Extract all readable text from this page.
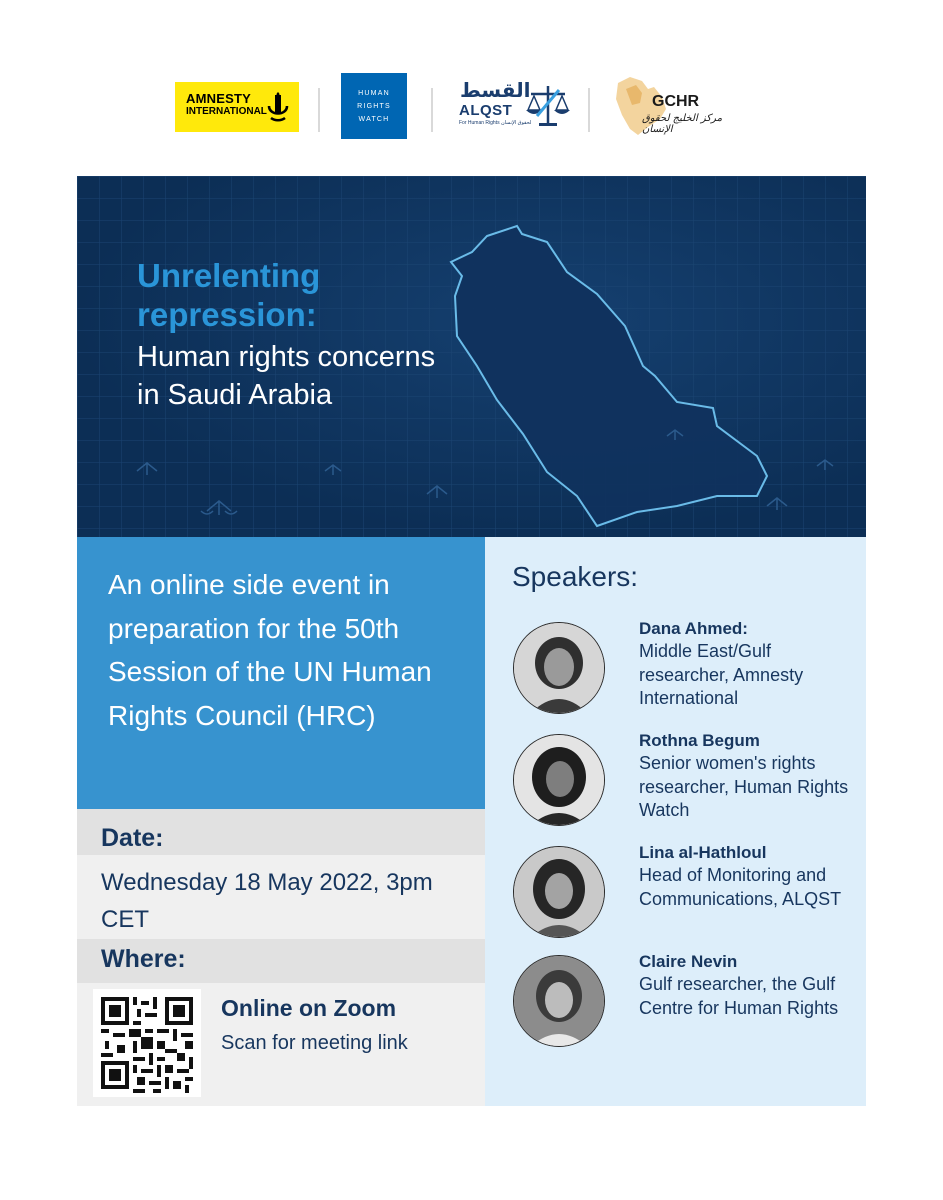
AMNESTY
INTERNATIONAL
HUMAN
RIGHTS
WATCH
القسط
ALQST
For Human Rights لحقوق الإنسان
GCHR
مركز الخليج لحقوق الإنسان
Unrelenting repression:
Human rights concerns in Saudi Arabia
An online side event in preparation for the 50th Session of the UN Human Rights Council (HRC)
Date:
Wednesday 18 May 2022, 3pm CET
Where:
Online on Zoom
Scan for meeting link
Speakers:
Dana Ahmed:
Middle East/Gulf researcher, Amnesty International
Rothna Begum
Senior women's rights researcher, Human Rights Watch
Lina al-Hathloul
Head of Monitoring and Communications, ALQST
Claire Nevin
Gulf researcher, the Gulf Centre for Human Rights
